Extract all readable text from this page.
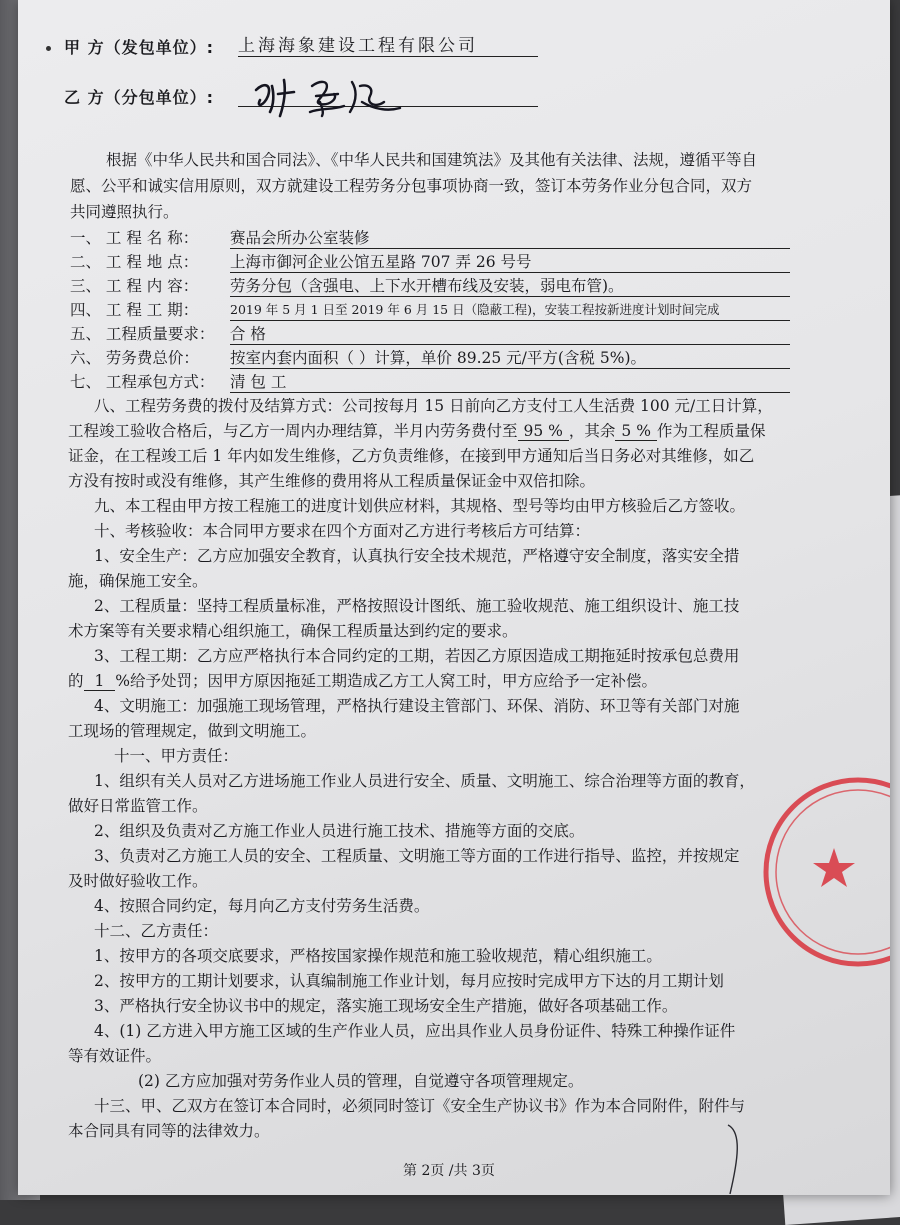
甲 方（发包单位）: 上海海象建设工程有限公司
乙 方（分包单位）:
根据《中华人民共和国合同法》、《中华人民共和国建筑法》及其他有关法律、法规，遵循平等自
愿、公平和诚实信用原则，双方就建设工程劳务分包事项协商一致，签订本劳务作业分包合同，双方
共同遵照执行。
一、 工 程 名 称： 赛品会所办公室装修
二、 工 程 地 点： 上海市御河企业公馆五星路 707 弄 26 号号
三、 工 程 内 容： 劳务分包（含强电、上下水开槽布线及安装，弱电布管)。
四、 工 程 工 期：	2019 年 5 月 1 日至 2019 年 6 月 15 日（隐蔽工程)，安装工程按新进度计划时间完成
五、 工程质量要求： 合 格
六、 劳务费总价： 按室内套内面积（ ）计算，单价 89.25 元/平方(含税 5%)。
七、 工程承包方式： 清 包 工
八、工程劳务费的拨付及结算方式：公司按每月 15 日前向乙方支付工人生活费 100 元/工日计算，
工程竣工验收合格后，与乙方一周内办理结算，半月内劳务费付至 95 % ，其余 5 % 作为工程质量保
证金，在工程竣工后 1 年内如发生维修，乙方负责维修，在接到甲方通知后当日务必对其维修，如乙
方没有按时或没有维修，其产生维修的费用将从工程质量保证金中双倍扣除。
九、本工程由甲方按工程施工的进度计划供应材料，其规格、型号等均由甲方核验后乙方签收。
十、考核验收：本合同甲方要求在四个方面对乙方进行考核后方可结算：
1、安全生产：乙方应加强安全教育，认真执行安全技术规范，严格遵守安全制度，落实安全措
施，确保施工安全。
2、工程质量：坚持工程质量标准，严格按照设计图纸、施工验收规范、施工组织设计、施工技
术方案等有关要求精心组织施工，确保工程质量达到约定的要求。
3、工程工期：乙方应严格执行本合同约定的工期，若因乙方原因造成工期拖延时按承包总费用
的 1 %给予处罚；因甲方原因拖延工期造成乙方工人窝工时，甲方应给予一定补偿。
4、文明施工：加强施工现场管理，严格执行建设主管部门、环保、消防、环卫等有关部门对施
工现场的管理规定，做到文明施工。
十一、甲方责任：
1、组织有关人员对乙方进场施工作业人员进行安全、质量、文明施工、综合治理等方面的教育，
做好日常监管工作。
2、组织及负责对乙方施工作业人员进行施工技术、措施等方面的交底。
3、负责对乙方施工人员的安全、工程质量、文明施工等方面的工作进行指导、监控，并按规定
及时做好验收工作。
4、按照合同约定，每月向乙方支付劳务生活费。
十二、乙方责任：
1、按甲方的各项交底要求，严格按国家操作规范和施工验收规范，精心组织施工。
2、按甲方的工期计划要求，认真编制施工作业计划，每月应按时完成甲方下达的月工期计划
3、严格执行安全协议书中的规定，落实施工现场安全生产措施，做好各项基础工作。
4、(1) 乙方进入甲方施工区域的生产作业人员，应出具作业人员身份证件、特殊工种操作证件
等有效证件。
(2) 乙方应加强对劳务作业人员的管理，自觉遵守各项管理规定。
十三、甲、乙双方在签订本合同时，必须同时签订《安全生产协议书》作为本合同附件，附件与
本合同具有同等的法律效力。
第 2页 /共 3页
